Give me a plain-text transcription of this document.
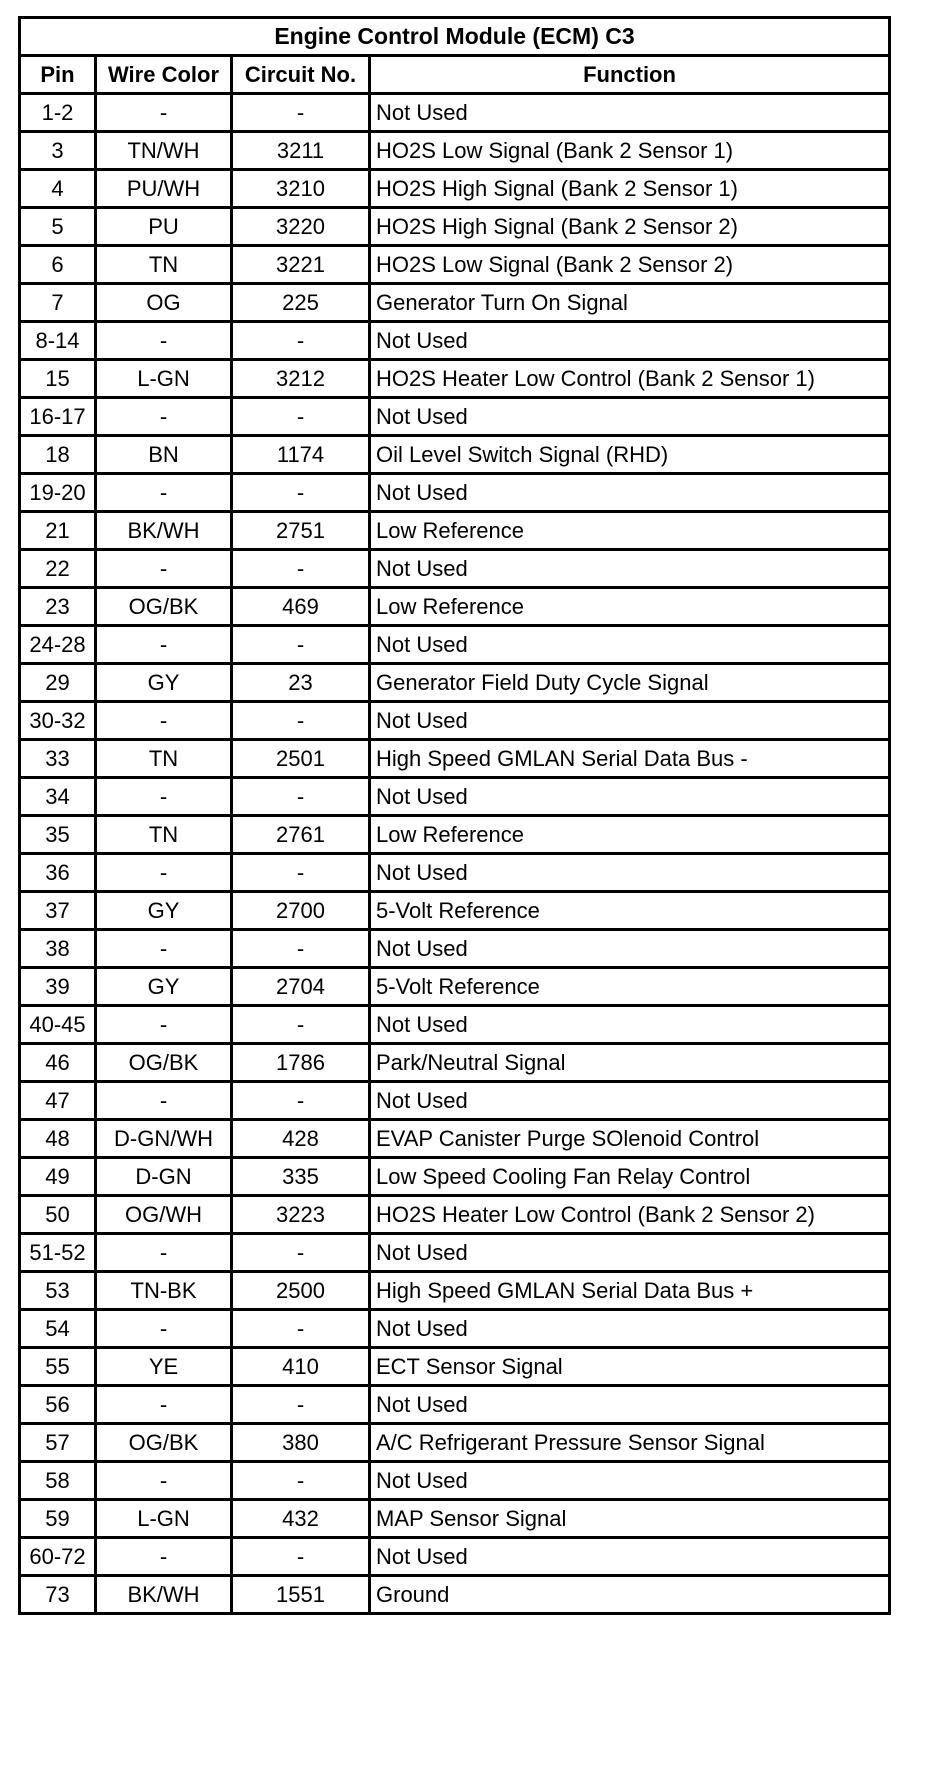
Engine Control Module (ECM) C3			
Pin	Wire Color	Circuit No.	Function
1-2	-	-	Not Used
3	TN/WH	3211	HO2S Low Signal (Bank 2 Sensor 1)
4	PU/WH	3210	HO2S High Signal (Bank 2 Sensor 1)
5	PU	3220	HO2S High Signal (Bank 2 Sensor 2)
6	TN	3221	HO2S Low Signal (Bank 2 Sensor 2)
7	OG	225	Generator Turn On Signal
8-14	-	-	Not Used
15	L-GN	3212	HO2S Heater Low Control (Bank 2 Sensor 1)
16-17	-	-	Not Used
18	BN	1174	Oil Level Switch Signal (RHD)
19-20	-	-	Not Used
21	BK/WH	2751	Low Reference
22	-	-	Not Used
23	OG/BK	469	Low Reference
24-28	-	-	Not Used
29	GY	23	Generator Field Duty Cycle Signal
30-32	-	-	Not Used
33	TN	2501	High Speed GMLAN Serial Data Bus -
34	-	-	Not Used
35	TN	2761	Low Reference
36	-	-	Not Used
37	GY	2700	5-Volt Reference
38	-	-	Not Used
39	GY	2704	5-Volt Reference
40-45	-	-	Not Used
46	OG/BK	1786	Park/Neutral Signal
47	-	-	Not Used
48	D-GN/WH	428	EVAP Canister Purge SOlenoid Control
49	D-GN	335	Low Speed Cooling Fan Relay Control
50	OG/WH	3223	HO2S Heater Low Control (Bank 2 Sensor 2)
51-52	-	-	Not Used
53	TN-BK	2500	High Speed GMLAN Serial Data Bus +
54	-	-	Not Used
55	YE	410	ECT Sensor Signal
56	-	-	Not Used
57	OG/BK	380	A/C Refrigerant Pressure Sensor Signal
58	-	-	Not Used
59	L-GN	432	MAP Sensor Signal
60-72	-	-	Not Used
73	BK/WH	1551	Ground
